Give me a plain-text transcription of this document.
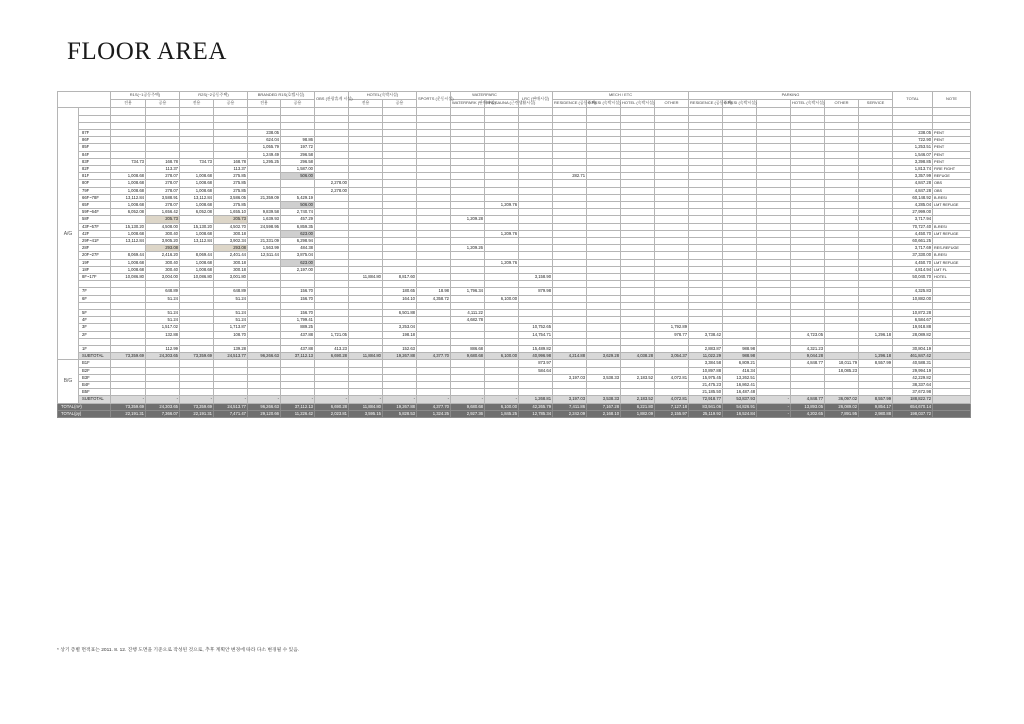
FLOOR AREA
		R1S(~1공동주택)		R2S(~2공동주택)		BRANDED R1S(호텔시설)		OBS (관광휴게 시설)	HOTEL(숙박시설)		SPORTS (운동시설)	WATERPARC		LRC (판매시설)	MECH / ETC				PARKING						TOTAL	NOTE
		전용	공용	전용	공용	전용	공용		전용	공용		WATERPARK (판매시설)	SPA/SAUNA (근린생활시설)		RESIDENCE (공동주택)	B-RESI (숙박시설)	HOTEL (숙박시설)	OTHER	RESIDENCE (공동주택)	B-RESI (숙박시설)		HOTEL (숙박시설)	OTHER	SERVICE		
A/G																										

	87F					238.05																			238.05	PENT
	86F					624.04	98.86																		722.90	PENT
	85F					1,055.79	197.72																		1,253.51	PENT
	84F					1,249.49	296.58																		1,546.07	PENT
	83F	734.73	168.78	734.73	168.78	1,295.25	296.58																		3,398.85	PENT
	82F		113.37		113.37		1,587.00																		1,813.74	FIRE FIGHT
	81F	1,008.68	278.07	1,008.68	275.85		506.00								282.71										3,357.99	REFUGE
	80F	1,008.68	278.07	1,008.68	275.85			2,278.00																	4,847.28	OBS
	79F	1,008.68	278.07	1,008.68	275.85			2,278.00																	4,847.28	OBS
	66F~78F	13,112.84	3,588.91	13,112.84	3,586.05	21,359.09	5,429.19																		60,148.92	B-RESI
	65F	1,008.68	278.07	1,008.68	275.85		506.00						1,209.76												4,285.04	LMT REFUGE
	59F~64F	6,052.08	1,656.42	6,052.08	1,655.10	9,839.58	2,740.74																		27,999.00	
	58F		205.73		205.73	1,639.93	457.29					1,209.28													3,717.94	
	43F~57F	15,130.20	4,508.00	15,130.20	4,502.70	24,598.95	6,859.35																		70,727.40	B-RESI
	42F	1,008.68	300.40	1,008.68	300.18		623.00						1,209.76												4,450.70	LMT REFUGE
	29F~41F	13,112.84	3,905.20	13,112.84	3,902.34	21,331.09	6,298.94																		60,661.25	
	28F		293.08		293.08	1,563.99	484.38					1,209.26													3,717.69	RES-REFUGE
	20F~27F	8,069.44	2,416.20	8,069.44	2,401.44	12,511.44	3,875.04																		37,330.00	B-RESI
	19F	1,008.68	300.40	1,008.68	300.18		623.00						1,209.76												4,450.70	LMT REFUGE
	18F	1,008.68	300.40	1,008.68	300.18		2,197.00																		4,814.94	LMT FL
	8F~17F	10,086.80	3,004.00	10,086.80	3,001.80				11,884.80	8,817.60				3,158.90											50,040.70	HOTEL

	7F		648.89		648.89		156.70			180.65	18.98	1,796.34		879.98											4,325.83	
	6F		51.24		51.24		156.70			164.10	4,358.72		6,100.00												10,882.00	

	5F		51.24		51.24		156.70			6,501.88		4,111.22													10,872.28	
	4F		51.24		51.24		1,799.41					4,682.78													6,584.67	
	3F		1,517.02		1,713.87		889.25			3,253.04				10,752.65				1,792.89							19,918.88	
	2F		132.88		108.70		437.88	1,721.05		198.18				14,754.71				978.77	3,738.42			4,723.05		1,296.18	28,089.82	

	1F		112.99		139.28		437.88	413.23		152.63		886.68		15,489.82					2,883.87	988.98		4,321.23			30,804.19	
	SUBTOTAL	73,359.69	24,303.65	73,359.69	24,513.77	96,266.63	37,112.13	6,690.28	11,884.80	19,267.88	4,377.70	9,680.68	6,100.00	40,996.98	4,214.88	3,629.28	4,038.28	3,054.37	11,022.29	988.98		9,044.28		1,296.18	461,847.42	
B/G	B1F													873.97					3,384.58	6,809.21		4,848.77	18,011.79	8,557.99	40,588.31	
	B2F													584.64					10,897.88	416.34			18,085.23		29,994.19	
	B3F														3,197.03	3,538.33	2,183.52	4,072.81	15,975.45	13,262.51					42,229.82	
	B4F																		21,475.23	16,862.41					38,337.64	
	B5F																		21,185.50	16,487.48					37,672.98	
	SUBTOTAL	-	-	-	-	-	-	-	-	-	-	-	-	1,268.81	3,197.03	3,538.33	2,183.52	4,072.81	72,918.77	53,837.93	-	4,848.77	36,097.02	8,557.99	188,822.72	
TOTAL(m²)		73,359.69	24,303.65	73,359.69	24,513.77	96,266.63	37,112.13	6,690.28	11,884.80	19,267.88	4,377.70	9,680.68	6,100.00	42,265.79	7,411.86	7,167.28	6,221.80	7,127.18	83,941.06	54,826.91	-	13,893.05	26,089.02	9,854.17	654,670.14	
TOTAL(py)		22,191.31	7,366.07	22,191.31	7,471.47	29,120.66	11,226.42	2,023.81	3,595.15	5,828.53	1,324.25	2,927.36	1,845.25	12,785.34	2,242.09	2,168.10	1,882.09	2,155.97	25,119.92	16,524.84	-	4,202.65	7,891.95	2,980.88	198,037.72	

* 상기 층별 면적표는 2011. 8. 12. 진행 도면을 기준으로 작성된 것으로, 추후 계획안 변경에 따라 다소 변경될 수 있음.
